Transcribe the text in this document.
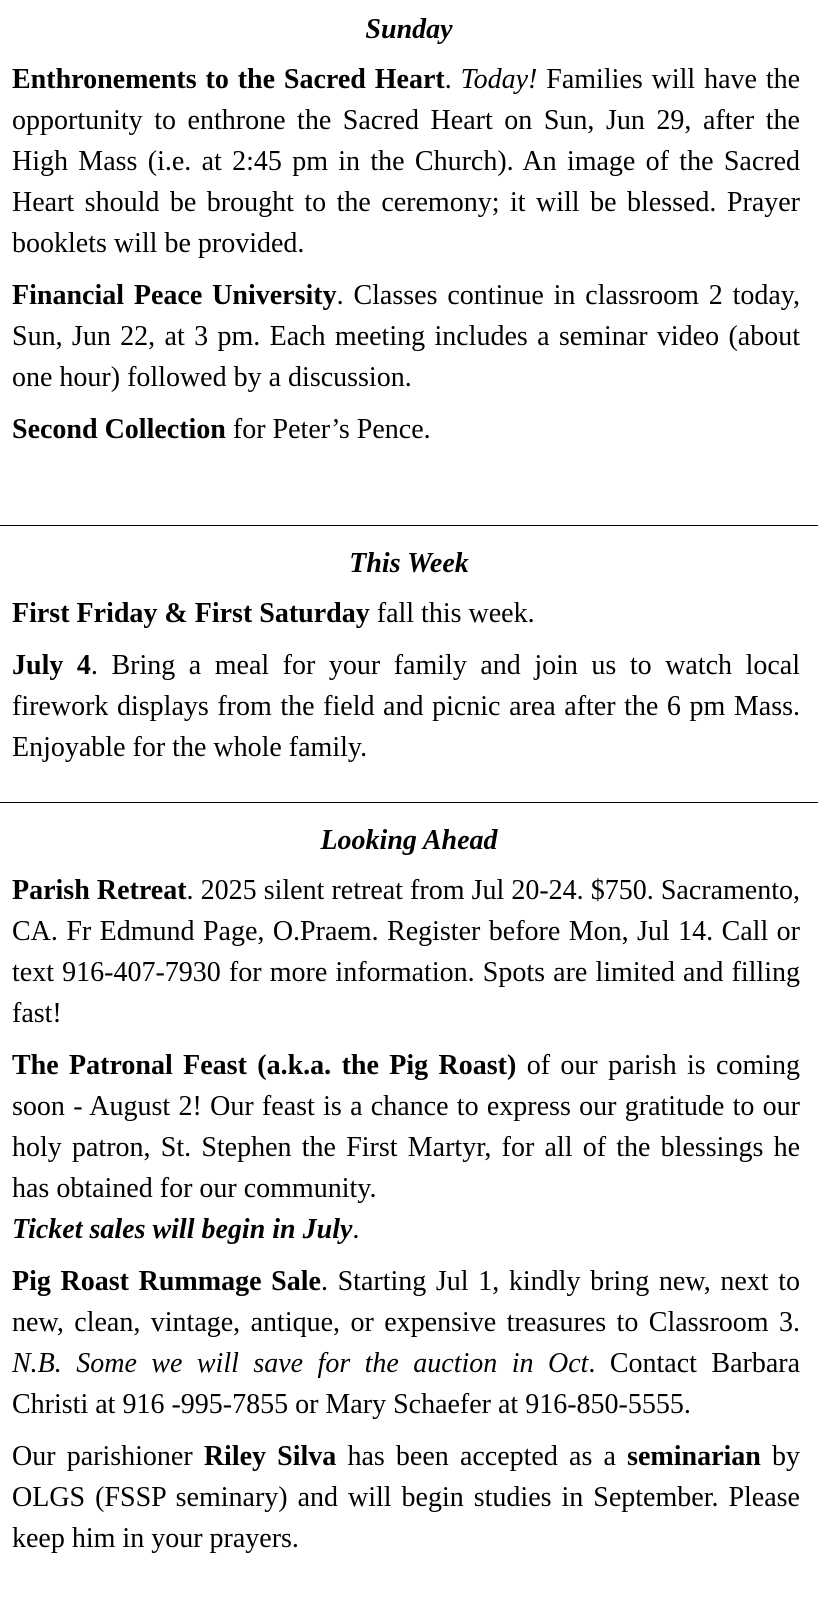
Sunday

Enthronements to the Sacred Heart. Today! Families will have the opportunity to enthrone the Sacred Heart on Sun, Jun 29, after the High Mass (i.e. at 2:45 pm in the Church). An image of the Sacred Heart should be brought to the ceremony; it will be blessed. Prayer booklets will be provided.

Financial Peace University. Classes continue in classroom 2 today, Sun, Jun 22, at 3 pm. Each meeting includes a seminar video (about one hour) followed by a discussion.

Second Collection for Peter’s Pence.

This Week

First Friday & First Saturday fall this week.

July 4. Bring a meal for your family and join us to watch local firework displays from the field and picnic area after the 6 pm Mass. Enjoyable for the whole family.

Looking Ahead

Parish Retreat. 2025 silent retreat from Jul 20-24. $750. Sacramento, CA. Fr Edmund Page, O.Praem. Register before Mon, Jul 14. Call or text 916-407-7930 for more information. Spots are limited and filling fast!

The Patronal Feast (a.k.a. the Pig Roast) of our parish is coming soon - August 2! Our feast is a chance to express our gratitude to our holy patron, St. Stephen the First Martyr, for all of the blessings he has obtained for our community.
Ticket sales will begin in July.

Pig Roast Rummage Sale. Starting Jul 1, kindly bring new, next to new, clean, vintage, antique, or expensive treasures to Classroom 3. N.B. Some we will save for the auction in Oct. Contact Barbara Christi at 916 -995-7855 or Mary Schaefer at 916-850-5555.

Our parishioner Riley Silva has been accepted as a seminarian by OLGS (FSSP seminary) and will begin studies in September. Please keep him in your prayers.
